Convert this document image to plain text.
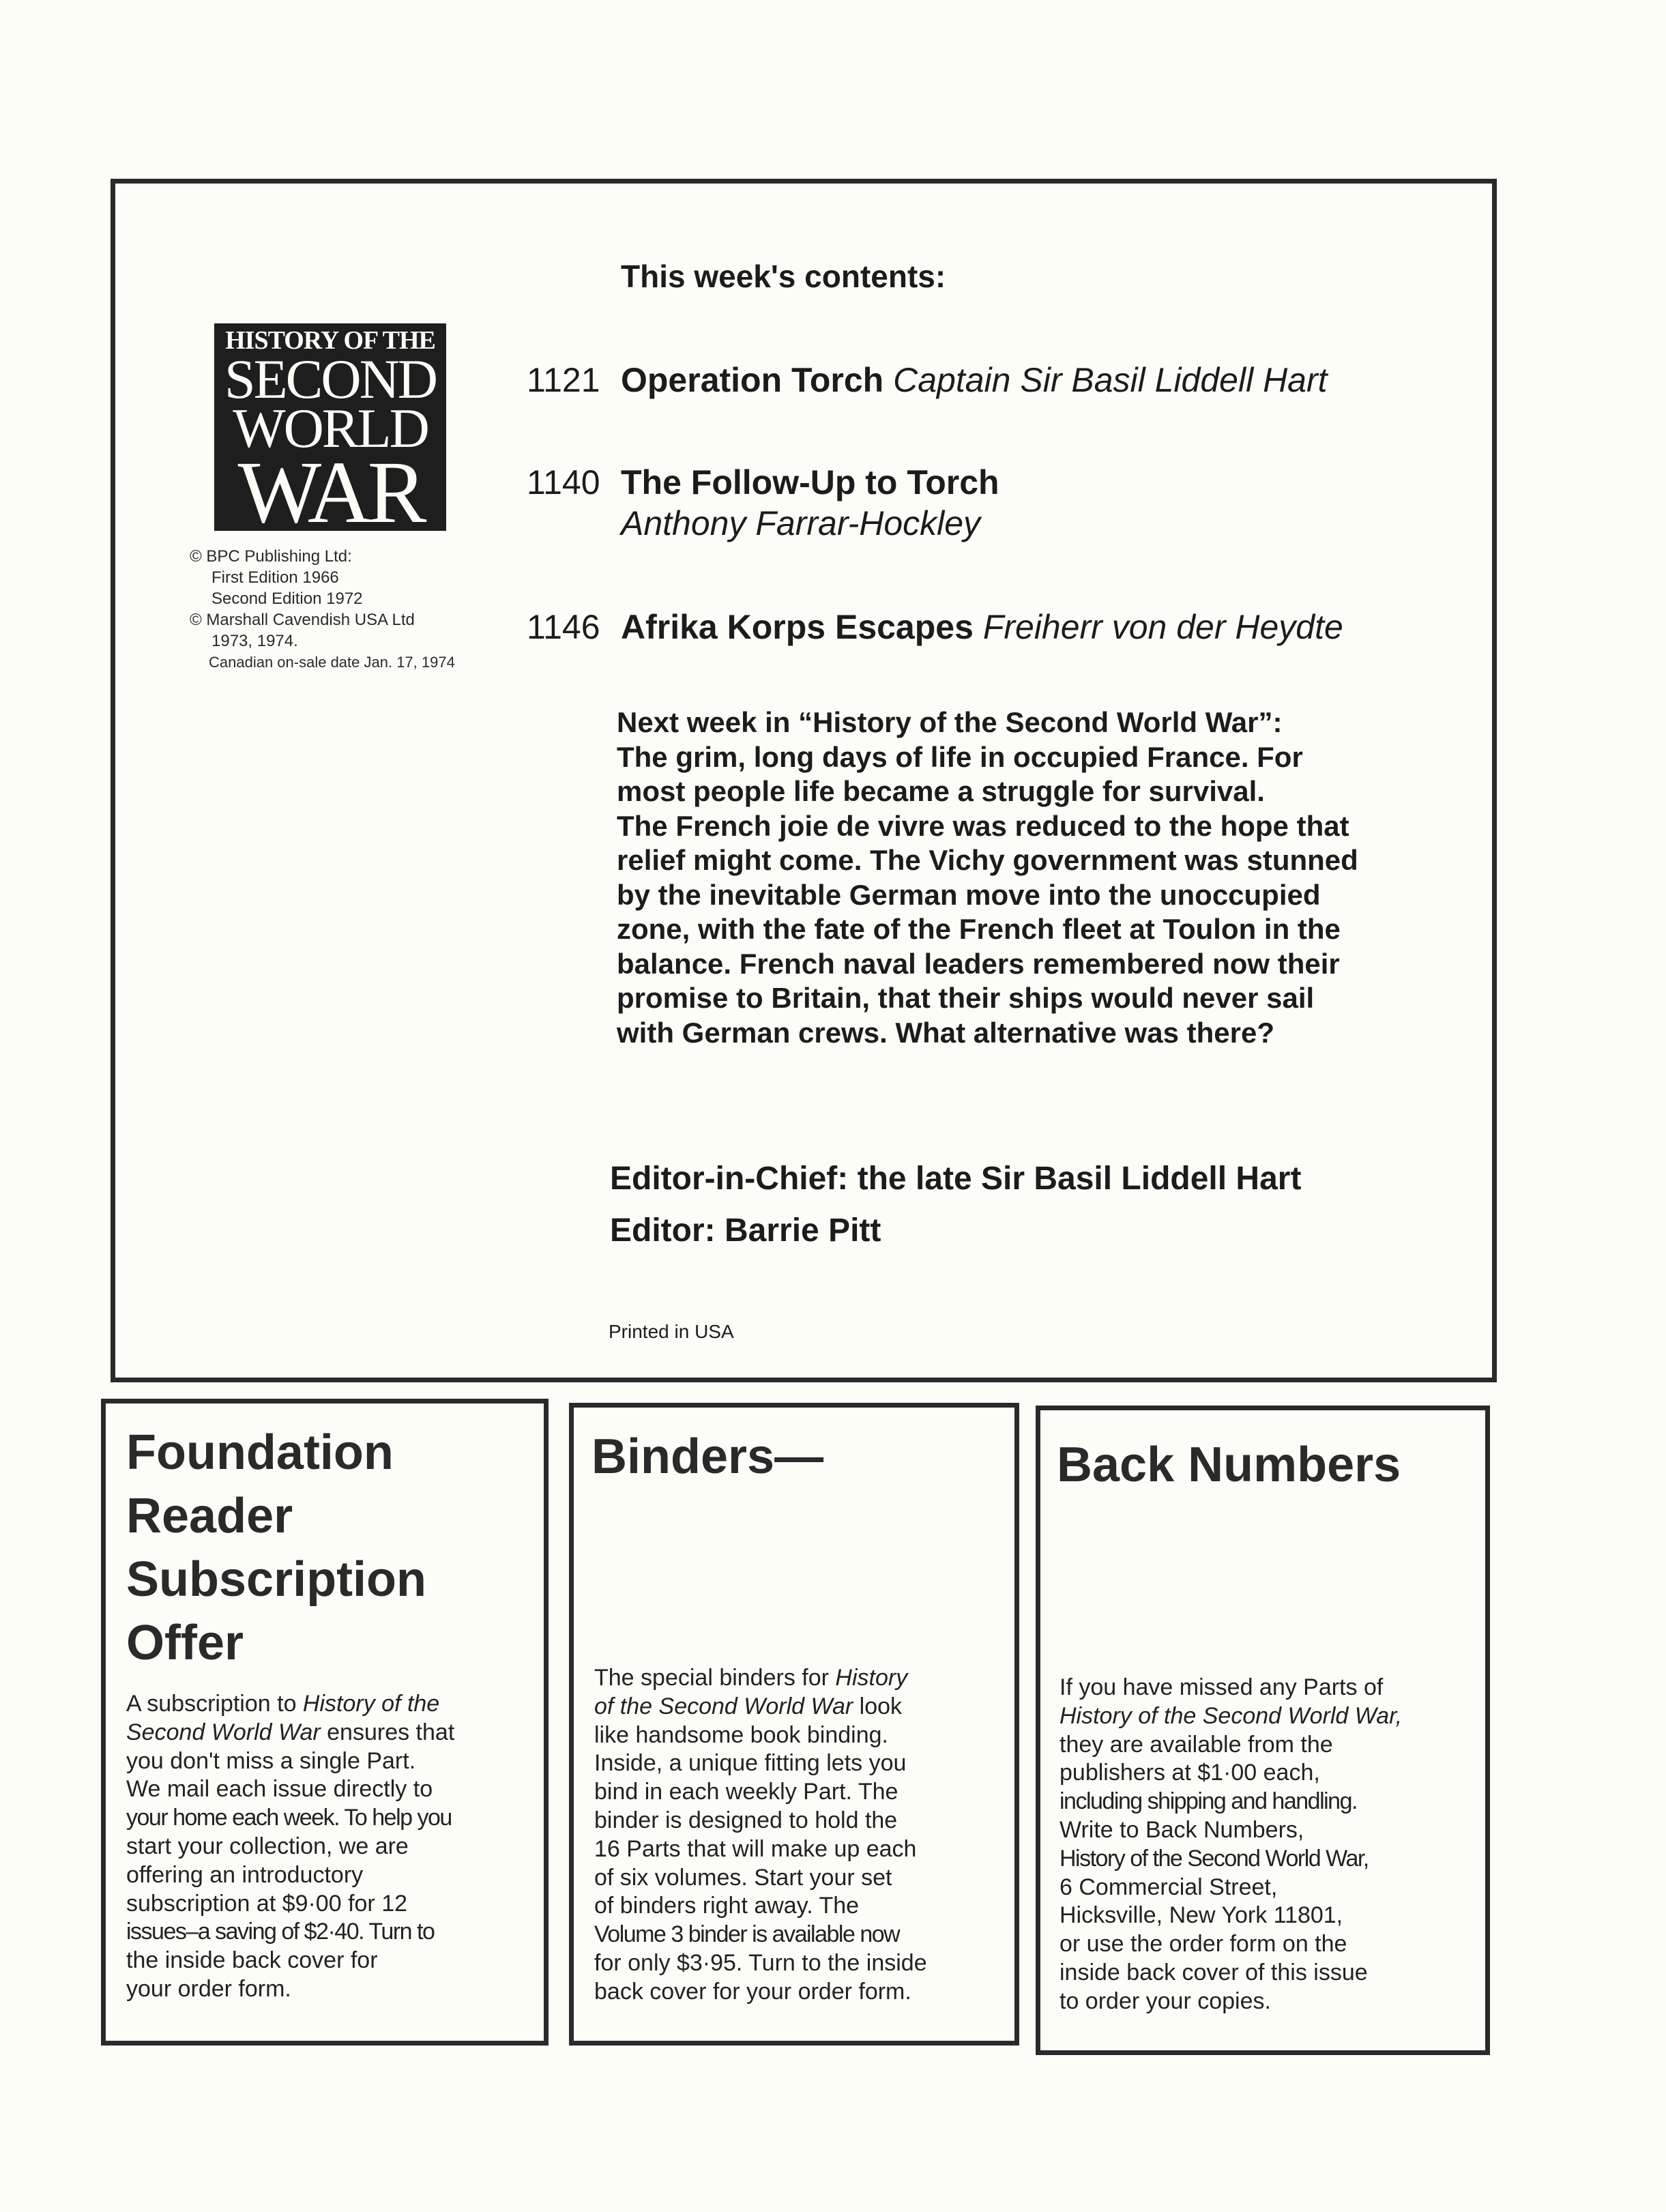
HISTORY OF THE
SECOND
WORLD
WAR
© BPC Publishing Ltd:
First Edition 1966
Second Edition 1972
© Marshall Cavendish USA Ltd
1973, 1974.
Canadian on-sale date Jan. 17, 1974
This week's contents:
1121 Operation Torch Captain Sir Basil Liddell Hart
1140 The Follow-Up to Torch
Anthony Farrar-Hockley
1146 Afrika Korps Escapes Freiherr von der Heydte
Next week in “History of the Second World War”:
The grim, long days of life in occupied France. For
most people life became a struggle for survival.
The French joie de vivre was reduced to the hope that
relief might come. The Vichy government was stunned
by the inevitable German move into the unoccupied
zone, with the fate of the French fleet at Toulon in the
balance. French naval leaders remembered now their
promise to Britain, that their ships would never sail
with German crews. What alternative was there?
Editor-in-Chief: the late Sir Basil Liddell Hart
Editor: Barrie Pitt
Printed in USA
Foundation
Reader
Subscription
Offer
A subscription to History of the
Second World War ensures that
you don't miss a single Part.
We mail each issue directly to
your home each week. To help you
start your collection, we are
offering an introductory
subscription at $9·00 for 12
issues–a saving of $2·40. Turn to
the inside back cover for
your order form.
Binders—
The special binders for History
of the Second World War look
like handsome book binding.
Inside, a unique fitting lets you
bind in each weekly Part. The
binder is designed to hold the
16 Parts that will make up each
of six volumes. Start your set
of binders right away. The
Volume 3 binder is available now
for only $3·95. Turn to the inside
back cover for your order form.
Back Numbers
If you have missed any Parts of
History of the Second World War,
they are available from the
publishers at $1·00 each,
including shipping and handling.
Write to Back Numbers,
History of the Second World War,
6 Commercial Street,
Hicksville, New York 11801,
or use the order form on the
inside back cover of this issue
to order your copies.
